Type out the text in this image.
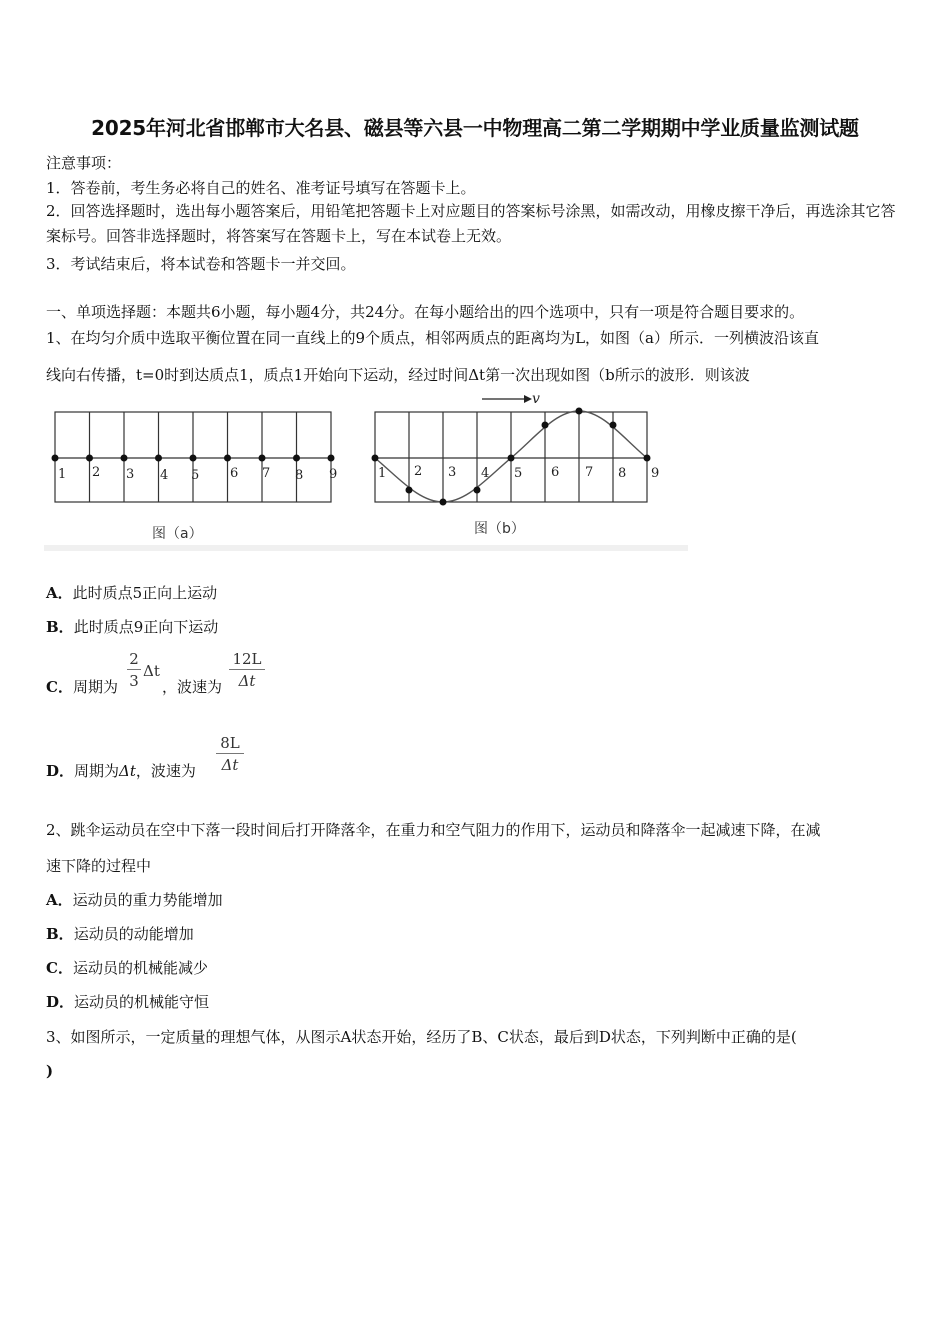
2025年河北省邯郸市大名县、磁县等六县一中物理高二第二学期期中学业质量监测试题
注意事项：
1．答卷前，考生务必将自己的姓名、准考证号填写在答题卡上。
2．回答选择题时，选出每小题答案后，用铅笔把答题卡上对应题目的答案标号涂黑，如需改动，用橡皮擦干净后，再选涂其它答案标号。回答非选择题时，将答案写在答题卡上，写在本试卷上无效。
3．考试结束后，将本试卷和答题卡一并交回。
一、单项选择题：本题共6小题，每小题4分，共24分。在每小题给出的四个选项中，只有一项是符合题目要求的。
1、在均匀介质中选取平衡位置在同一直线上的9个质点，相邻两质点的距离均为L，如图（a）所示．一列横波沿该直
线向右传播，t=0时到达质点1，质点1开始向下运动，经过时间Δt第一次出现如图（b所示的波形．则该波
1 2 3 4 5 6 7 8 9
图（a）
v
1 2 3 4 5 6 7 8 9
图（b）
A．此时质点5正向上运动
B．此时质点9正向下运动
C．周期为 $\frac{2}{3}$ Δt
，波速为 $\frac{12L}{\Delta t}$
D．周期为Δt，波速为 $\frac{8L}{\Delta t}$
2、跳伞运动员在空中下落一段时间后打开降落伞，在重力和空气阻力的作用下，运动员和降落伞一起减速下降，在减
速下降的过程中
A．运动员的重力势能增加
B．运动员的动能增加
C．运动员的机械能减少
D．运动员的机械能守恒
3、如图所示，一定质量的理想气体，从图示A状态开始，经历了B、C状态，最后到D状态，下列判断中正确的是(
)
